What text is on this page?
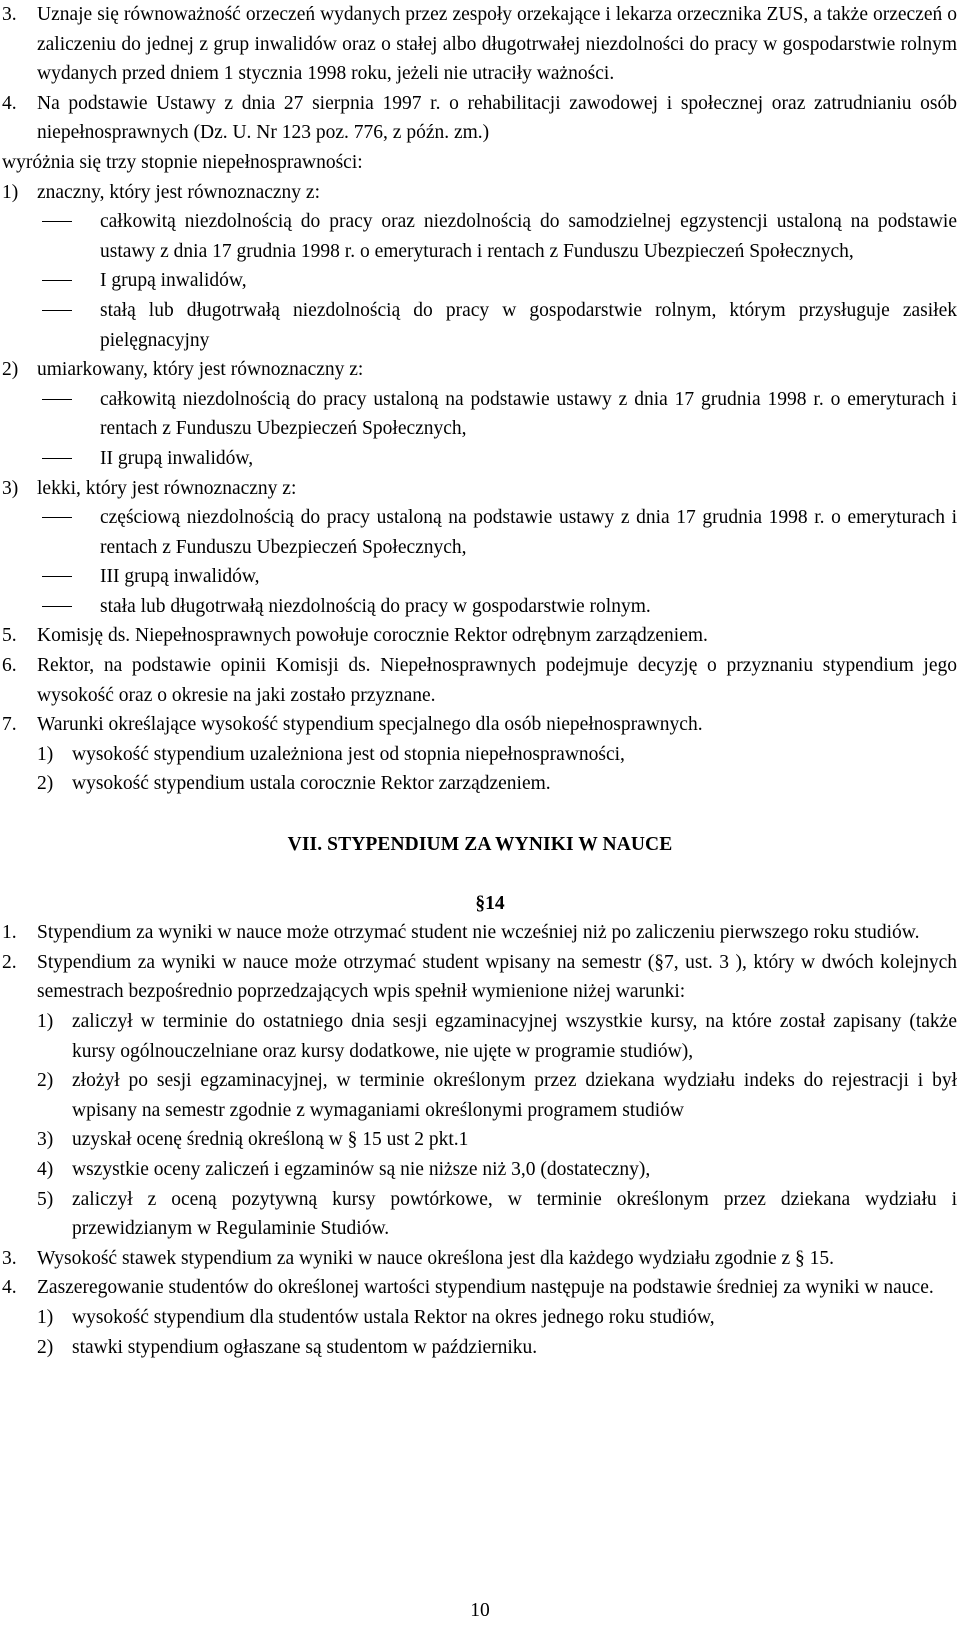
3. Uznaje się równoważność orzeczeń wydanych przez zespoły orzekające i lekarza orzecznika ZUS, a także orzeczeń o zaliczeniu do jednej z grup inwalidów oraz o stałej albo długotrwałej niezdolności do pracy w gospodarstwie rolnym wydanych przed dniem 1 stycznia 1998 roku, jeżeli nie utraciły ważności.
4. Na podstawie Ustawy z dnia 27 sierpnia 1997 r. o rehabilitacji zawodowej i społecznej oraz zatrudnianiu osób niepełnosprawnych (Dz. U. Nr 123 poz. 776, z późn. zm.)
wyróżnia się trzy stopnie niepełnosprawności:
1) znaczny, który jest równoznaczny z:
całkowitą niezdolnością do pracy oraz niezdolnością do samodzielnej egzystencji ustaloną na podstawie ustawy z dnia 17 grudnia 1998 r. o emeryturach i rentach z Funduszu Ubezpieczeń Społecznych,
I grupą inwalidów,
stałą lub długotrwałą niezdolnością do pracy w gospodarstwie rolnym, którym przysługuje zasiłek pielęgnacyjny
2) umiarkowany, który jest równoznaczny z:
całkowitą niezdolnością do pracy ustaloną na podstawie ustawy z dnia 17 grudnia 1998 r. o emeryturach i rentach z Funduszu Ubezpieczeń Społecznych,
II grupą inwalidów,
3) lekki, który jest równoznaczny z:
częściową niezdolnością do pracy ustaloną na podstawie ustawy z dnia 17 grudnia 1998 r. o emeryturach i rentach z Funduszu Ubezpieczeń Społecznych,
III grupą inwalidów,
stała lub długotrwałą niezdolnością do pracy w gospodarstwie rolnym.
5. Komisję ds. Niepełnosprawnych powołuje corocznie Rektor odrębnym zarządzeniem.
6. Rektor, na podstawie opinii Komisji ds. Niepełnosprawnych podejmuje decyzję o przyznaniu stypendium jego wysokość oraz o okresie na jaki zostało przyznane.
7. Warunki określające wysokość stypendium specjalnego dla osób niepełnosprawnych.
1) wysokość stypendium uzależniona jest od stopnia niepełnosprawności,
2) wysokość stypendium ustala corocznie Rektor zarządzeniem.
VII. STYPENDIUM ZA WYNIKI W NAUCE
§14
1. Stypendium za wyniki w nauce może otrzymać student nie wcześniej niż po zaliczeniu pierwszego roku studiów.
2. Stypendium za wyniki w nauce może otrzymać student wpisany na semestr (§7, ust. 3 ), który w dwóch kolejnych semestrach bezpośrednio poprzedzających wpis spełnił wymienione niżej warunki:
1) zaliczył w terminie do ostatniego dnia sesji egzaminacyjnej wszystkie kursy, na które został zapisany (także kursy ogólnouczelniane oraz kursy dodatkowe, nie ujęte w programie studiów),
2) złożył po sesji egzaminacyjnej, w terminie określonym przez dziekana wydziału indeks do rejestracji i był wpisany na semestr zgodnie z wymaganiami określonymi programem studiów
3) uzyskał ocenę średnią określoną w § 15 ust 2 pkt.1
4) wszystkie oceny zaliczeń i egzaminów są nie niższe niż 3,0 (dostateczny),
5) zaliczył z oceną pozytywną kursy powtórkowe, w terminie określonym przez dziekana wydziału i przewidzianym w Regulaminie Studiów.
3. Wysokość stawek stypendium za wyniki w nauce określona jest dla każdego wydziału zgodnie z § 15.
4. Zaszeregowanie studentów do określonej wartości stypendium następuje na podstawie średniej za wyniki w nauce.
1) wysokość stypendium dla studentów ustala Rektor na okres jednego roku studiów,
2) stawki stypendium ogłaszane są studentom w październiku.
10
